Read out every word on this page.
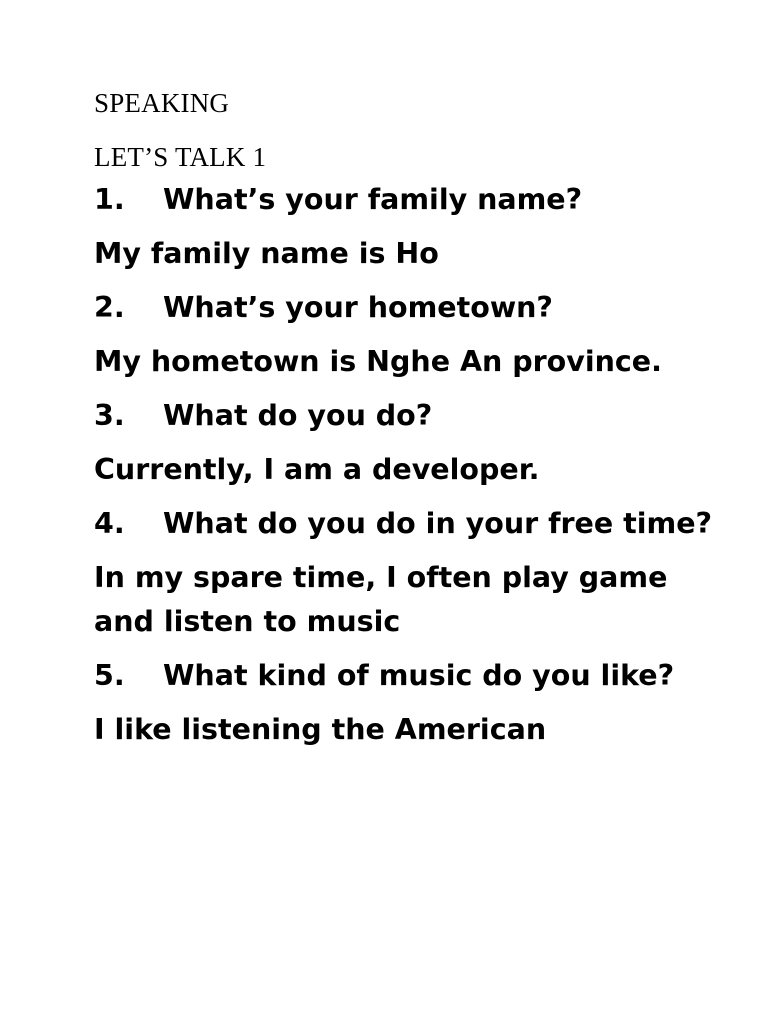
SPEAKING
LET’S TALK 1
1.	What’s your family name?
My family name is Ho
2.	What’s your hometown?
My hometown is Nghe An province.
3.	What do you do?
Currently, I am a developer.
4.	What do you do in your free time?
In my spare time, I often play game and listen to music
5.	What kind of music do you like?
I like listening the American
